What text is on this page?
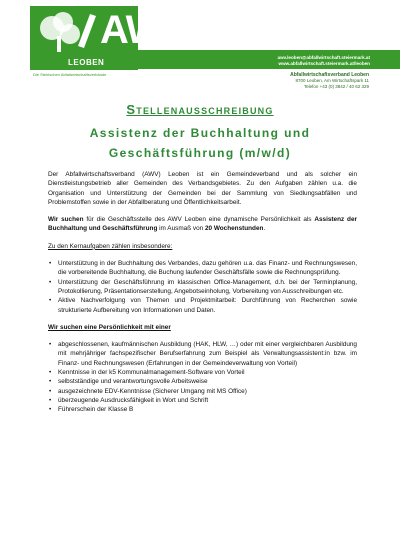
AWV
LEOBEN
Die Steirischen Abfallwirtschaftsverbände
awv.leoben@abfallwirtschaft.steiermark.at
www.abfallwirtschaft.steiermark.at/leoben
Abfallwirtschaftsverband Leoben
8700 Leoben, Am Wirtschaftspark 11
Telefon +43 (0) 3842 / 40 62 329
Stellenausschreibung
Assistenz der Buchhaltung und
Geschäftsführung (m/w/d)

Der Abfallwirtschaftsverband (AWV) Leoben ist ein Gemeindeverband und als solcher ein Dienstleistungsbetrieb aller Gemeinden des Verbandsgebietes. Zu den Aufgaben zählen u.a. die Organisation und Unterstützung der Gemeinden bei der Sammlung von Siedlungsabfällen und Problemstoffen sowie in der Abfallberatung und Öffentlichkeitsarbeit.

Wir suchen für die Geschäftsstelle des AWV Leoben eine dynamische Persönlichkeit als Assistenz der Buchhaltung und Geschäftsführung im Ausmaß von 20 Wochenstunden.

Zu den Kernaufgaben zählen insbesondere:

• Unterstützung in der Buchhaltung des Verbandes, dazu gehören u.a. das Finanz- und Rechnungswesen, die vorbereitende Buchhaltung, die Buchung laufender Geschäftsfälle sowie die Rechnungsprüfung.
• Unterstützung der Geschäftsführung im klassischen Office-Management, d.h. bei der Terminplanung, Protokollierung, Präsentationserstellung, Angebotseinholung, Vorbereitung von Ausschreibungen etc.
• Aktive Nachverfolgung von Themen und Projektmitarbeit: Durchführung von Recherchen sowie strukturierte Aufbereitung von Informationen und Daten.

Wir suchen eine Persönlichkeit mit einer

• abgeschlossenen, kaufmännischen Ausbildung (HAK, HLW, …) oder mit einer vergleichbaren Ausbildung mit mehrjähriger fachspezifischer Berufserfahrung zum Beispiel als Verwaltungsassistent:in bzw. im Finanz- und Rechnungswesen (Erfahrungen in der Gemeindeverwaltung von Vorteil)
• Kenntnisse in der k5 Kommunalmanagement-Software von Vorteil
• selbstständige und verantwortungsvolle Arbeitsweise
• ausgezeichnete EDV-Kenntnisse (Sicherer Umgang mit MS Office)
• überzeugende Ausdrucksfähigkeit in Wort und Schrift
• Führerschein der Klasse B
